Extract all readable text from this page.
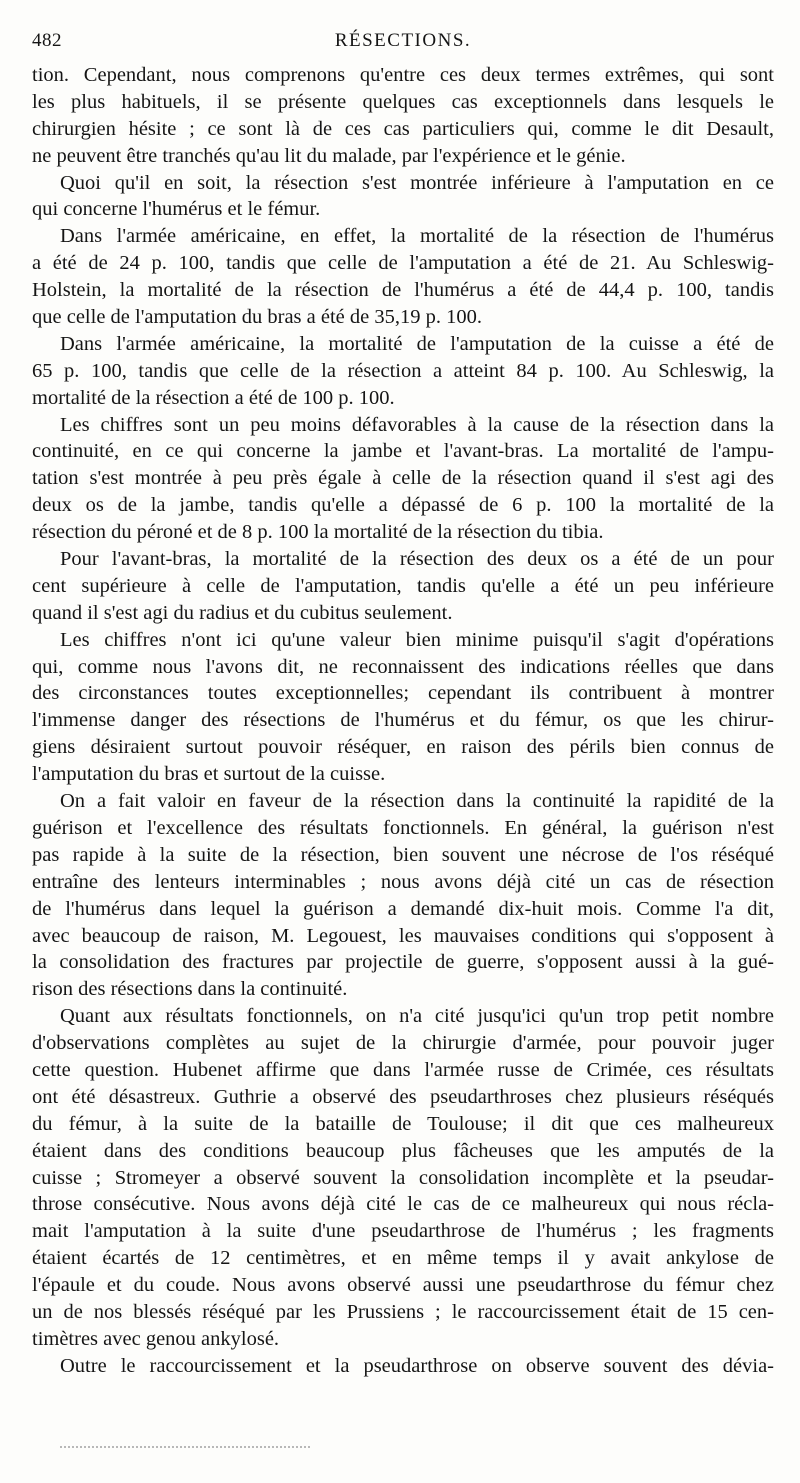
482	RÉSECTIONS.
tion. Cependant, nous comprenons qu'entre ces deux termes extrêmes, qui sont
les plus habituels, il se présente quelques cas exceptionnels dans lesquels le
chirurgien hésite ; ce sont là de ces cas particuliers qui, comme le dit Desault,
ne peuvent être tranchés qu'au lit du malade, par l'expérience et le génie.
Quoi qu'il en soit, la résection s'est montrée inférieure à l'amputation en ce
qui concerne l'humérus et le fémur.
Dans l'armée américaine, en effet, la mortalité de la résection de l'humérus
a été de 24 p. 100, tandis que celle de l'amputation a été de 21. Au Schleswig-
Holstein, la mortalité de la résection de l'humérus a été de 44,4 p. 100, tandis
que celle de l'amputation du bras a été de 35,19 p. 100.
Dans l'armée américaine, la mortalité de l'amputation de la cuisse a été de
65 p. 100, tandis que celle de la résection a atteint 84 p. 100. Au Schleswig, la
mortalité de la résection a été de 100 p. 100.
Les chiffres sont un peu moins défavorables à la cause de la résection dans la
continuité, en ce qui concerne la jambe et l'avant-bras. La mortalité de l'ampu-
tation s'est montrée à peu près égale à celle de la résection quand il s'est agi des
deux os de la jambe, tandis qu'elle a dépassé de 6 p. 100 la mortalité de la
résection du péroné et de 8 p. 100 la mortalité de la résection du tibia.
Pour l'avant-bras, la mortalité de la résection des deux os a été de un pour
cent supérieure à celle de l'amputation, tandis qu'elle a été un peu inférieure
quand il s'est agi du radius et du cubitus seulement.
Les chiffres n'ont ici qu'une valeur bien minime puisqu'il s'agit d'opérations
qui, comme nous l'avons dit, ne reconnaissent des indications réelles que dans
des circonstances toutes exceptionnelles; cependant ils contribuent à montrer
l'immense danger des résections de l'humérus et du fémur, os que les chirur-
giens désiraient surtout pouvoir réséquer, en raison des périls bien connus de
l'amputation du bras et surtout de la cuisse.
On a fait valoir en faveur de la résection dans la continuité la rapidité de la
guérison et l'excellence des résultats fonctionnels. En général, la guérison n'est
pas rapide à la suite de la résection, bien souvent une nécrose de l'os réséqué
entraîne des lenteurs interminables ; nous avons déjà cité un cas de résection
de l'humérus dans lequel la guérison a demandé dix-huit mois. Comme l'a dit,
avec beaucoup de raison, M. Legouest, les mauvaises conditions qui s'opposent à
la consolidation des fractures par projectile de guerre, s'opposent aussi à la gué-
rison des résections dans la continuité.
Quant aux résultats fonctionnels, on n'a cité jusqu'ici qu'un trop petit nombre
d'observations complètes au sujet de la chirurgie d'armée, pour pouvoir juger
cette question. Hubenet affirme que dans l'armée russe de Crimée, ces résultats
ont été désastreux. Guthrie a observé des pseudarthroses chez plusieurs réséqués
du fémur, à la suite de la bataille de Toulouse; il dit que ces malheureux
étaient dans des conditions beaucoup plus fâcheuses que les amputés de la
cuisse ; Stromeyer a observé souvent la consolidation incomplète et la pseudar-
throse consécutive. Nous avons déjà cité le cas de ce malheureux qui nous récla-
mait l'amputation à la suite d'une pseudarthrose de l'humérus ; les fragments
étaient écartés de 12 centimètres, et en même temps il y avait ankylose de
l'épaule et du coude. Nous avons observé aussi une pseudarthrose du fémur chez
un de nos blessés réséqué par les Prussiens ; le raccourcissement était de 15 cen-
timètres avec genou ankylosé.
Outre le raccourcissement et la pseudarthrose on observe souvent des dévia-
